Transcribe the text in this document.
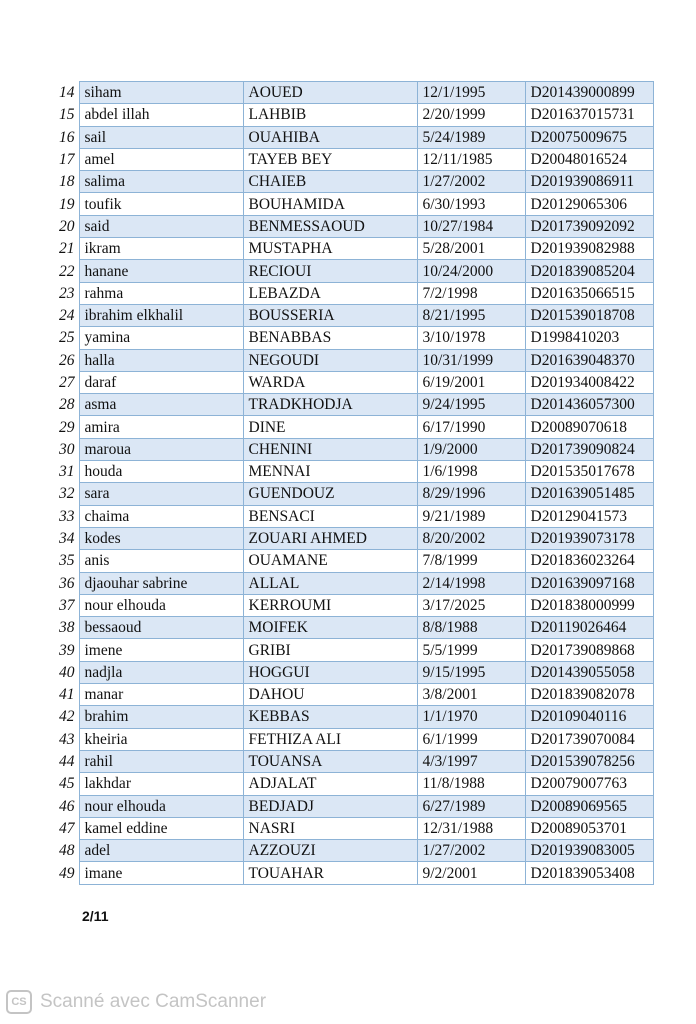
14	siham	AOUED	12/1/1995	D201439000899
15	abdel illah	LAHBIB	2/20/1999	D201637015731
16	sail	OUAHIBA	5/24/1989	D20075009675
17	amel	TAYEB BEY	12/11/1985	D20048016524
18	salima	CHAIEB	1/27/2002	D201939086911
19	toufik	BOUHAMIDA	6/30/1993	D20129065306
20	said	BENMESSAOUD	10/27/1984	D201739092092
21	ikram	MUSTAPHA	5/28/2001	D201939082988
22	hanane	RECIOUI	10/24/2000	D201839085204
23	rahma	LEBAZDA	7/2/1998	D201635066515
24	ibrahim elkhalil	BOUSSERIA	8/21/1995	D201539018708
25	yamina	BENABBAS	3/10/1978	D1998410203
26	halla	NEGOUDI	10/31/1999	D201639048370
27	daraf	WARDA	6/19/2001	D201934008422
28	asma	TRADKHODJA	9/24/1995	D201436057300
29	amira	DINE	6/17/1990	D20089070618
30	maroua	CHENINI	1/9/2000	D201739090824
31	houda	MENNAI	1/6/1998	D201535017678
32	sara	GUENDOUZ	8/29/1996	D201639051485
33	chaima	BENSACI	9/21/1989	D20129041573
34	kodes	ZOUARI AHMED	8/20/2002	D201939073178
35	anis	OUAMANE	7/8/1999	D201836023264
36	djaouhar sabrine	ALLAL	2/14/1998	D201639097168
37	nour elhouda	KERROUMI	3/17/2025	D201838000999
38	bessaoud	MOIFEK	8/8/1988	D20119026464
39	imene	GRIBI	5/5/1999	D201739089868
40	nadjla	HOGGUI	9/15/1995	D201439055058
41	manar	DAHOU	3/8/2001	D201839082078
42	brahim	KEBBAS	1/1/1970	D20109040116
43	kheiria	FETHIZA ALI	6/1/1999	D201739070084
44	rahil	TOUANSA	4/3/1997	D201539078256
45	lakhdar	ADJALAT	11/8/1988	D20079007763
46	nour elhouda	BEDJADJ	6/27/1989	D20089069565
47	kamel eddine	NASRI	12/31/1988	D20089053701
48	adel	AZZOUZI	1/27/2002	D201939083005
49	imane	TOUAHAR	9/2/2001	D201839053408
2/11
CS Scanné avec CamScanner
